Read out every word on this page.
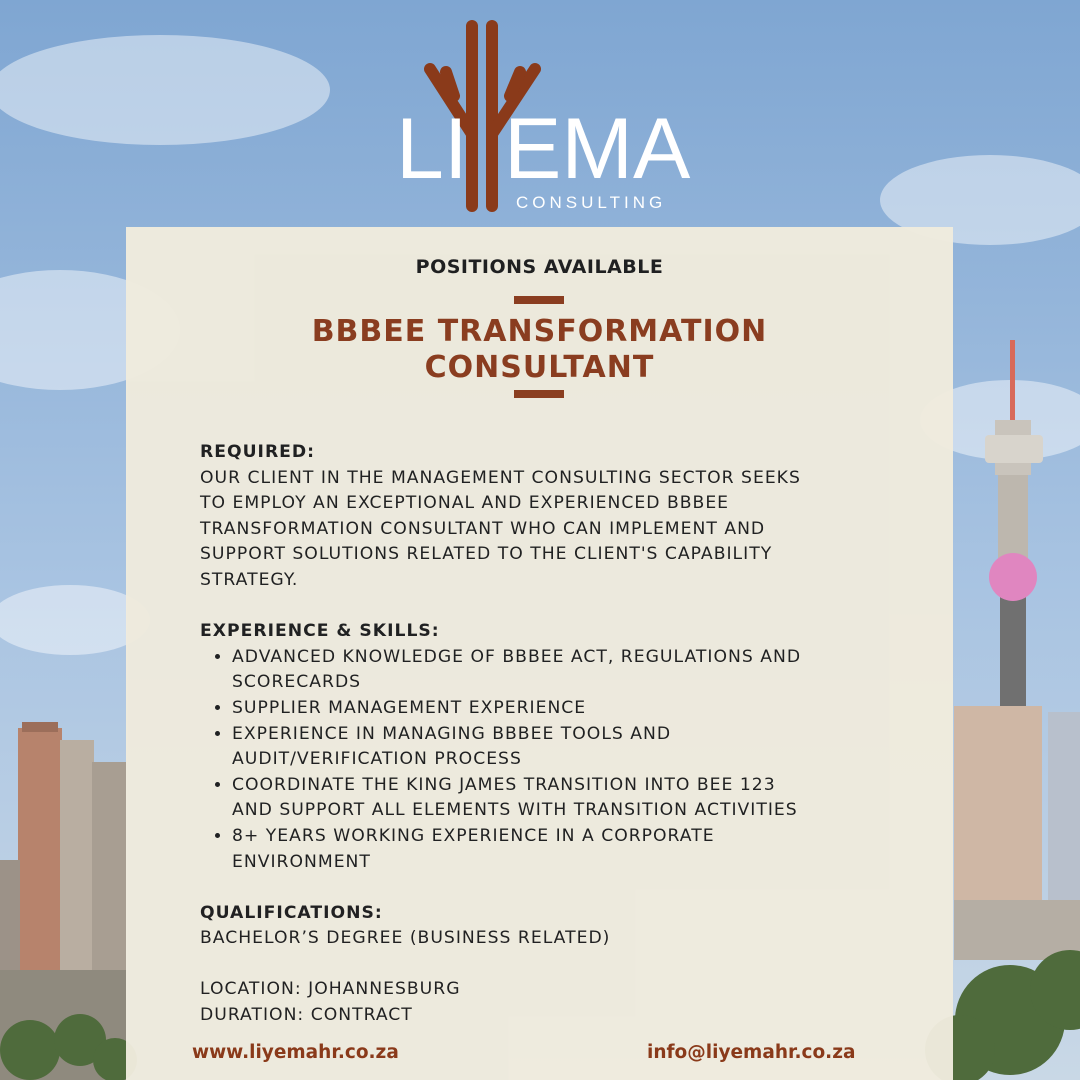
LI EMA
CONSULTING
POSITIONS AVAILABLE
BBBEE TRANSFORMATION
CONSULTANT
REQUIRED:
OUR CLIENT IN THE MANAGEMENT CONSULTING SECTOR SEEKS
TO EMPLOY AN EXCEPTIONAL AND EXPERIENCED BBBEE
TRANSFORMATION CONSULTANT WHO CAN IMPLEMENT AND
SUPPORT SOLUTIONS RELATED TO THE CLIENT'S CAPABILITY
STRATEGY.
EXPERIENCE & SKILLS:
• ADVANCED KNOWLEDGE OF BBBEE ACT, REGULATIONS AND
SCORECARDS
• SUPPLIER MANAGEMENT EXPERIENCE
• EXPERIENCE IN MANAGING BBBEE TOOLS AND
AUDIT/VERIFICATION PROCESS
• COORDINATE THE KING JAMES TRANSITION INTO BEE 123
AND SUPPORT ALL ELEMENTS WITH TRANSITION ACTIVITIES
• 8+ YEARS WORKING EXPERIENCE IN A CORPORATE
ENVIRONMENT
QUALIFICATIONS:
BACHELOR’S DEGREE (BUSINESS RELATED)
LOCATION: JOHANNESBURG
DURATION: CONTRACT
www.liyemahr.co.za	info@liyemahr.co.za
